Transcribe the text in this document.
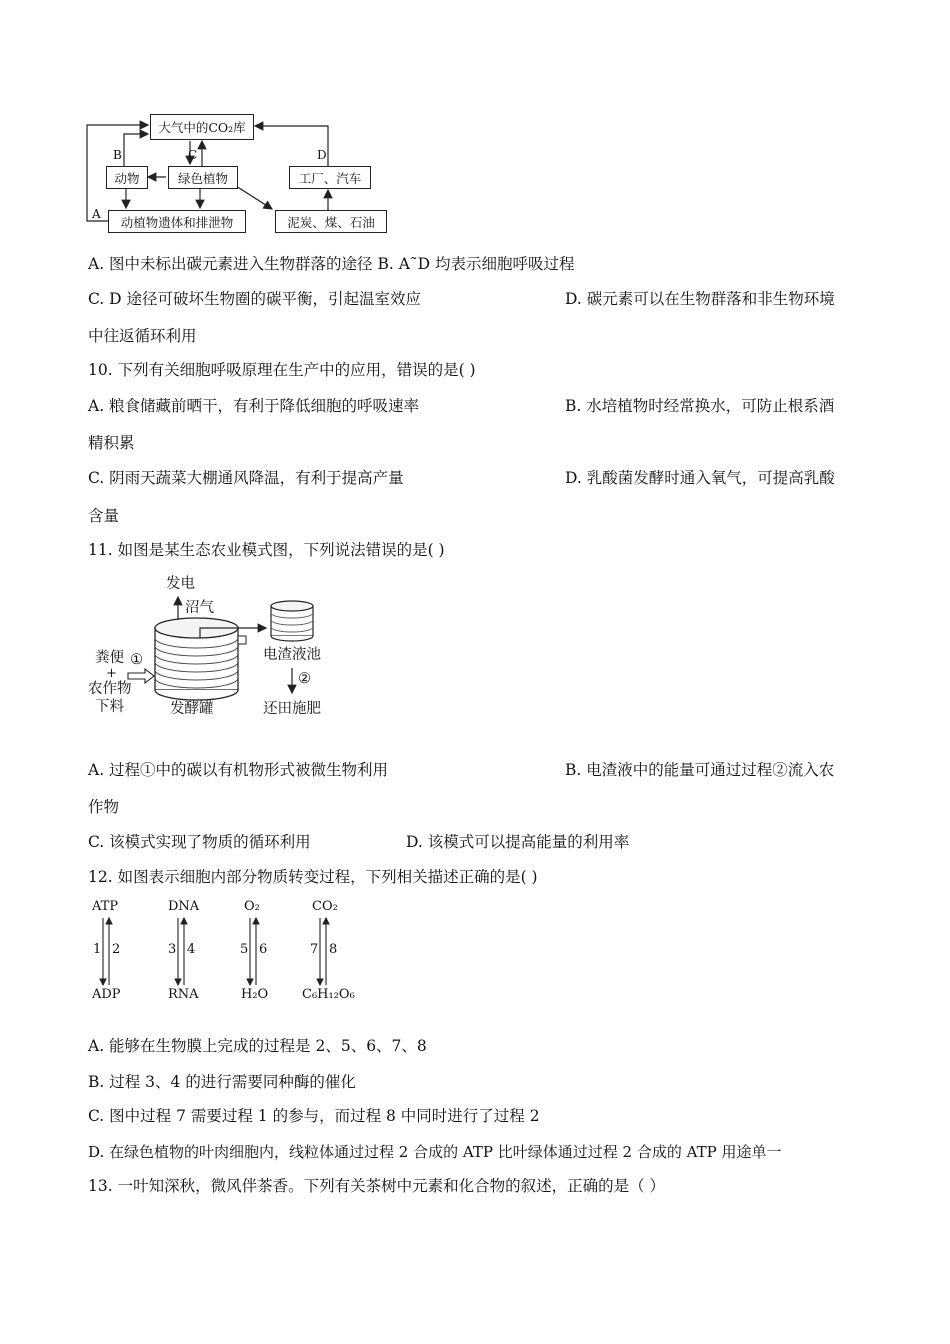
大气中的CO₂库
动物	绿色植物	工厂、汽车
动植物遗体和排泄物	泥炭、煤、石油
A
B	C	D
A. 图中未标出碳元素进入生物群落的途径 B. A˜D 均表示细胞呼吸过程
C. D 途径可破坏生物圈的碳平衡，引起温室效应	D. 碳元素可以在生物群落和非生物环境
中往返循环利用
10. 下列有关细胞呼吸原理在生产中的应用，错误的是( )
A. 粮食储藏前晒干，有利于降低细胞的呼吸速率	B. 水培植物时经常换水，可防止根系酒
精积累
C. 阴雨天蔬菜大棚通风降温，有利于提高产量	D. 乳酸菌发酵时通入氧气，可提高乳酸
含量
11. 如图是某生态农业模式图，下列说法错误的是( )
发电
沼气
电渣液池
②
还田施肥
粪便 ①
+
农作物
下料	发酵罐
A. 过程①中的碳以有机物形式被微生物利用	B. 电渣液中的能量可通过过程②流入农
作物
C. 该模式实现了物质的循环利用	D. 该模式可以提高能量的利用率
12. 如图表示细胞内部分物质转变过程，下列相关描述正确的是( )
ATP
ADP
1 2
DNA
RNA
3 4
O₂
H₂O
5 6
CO₂
C₆H₁₂O₆
7 8
A. 能够在生物膜上完成的过程是 2、5、6、7、8
B. 过程 3、4 的进行需要同种酶的催化
C. 图中过程 7 需要过程 1 的参与，而过程 8 中同时进行了过程 2
D. 在绿色植物的叶肉细胞内，线粒体通过过程 2 合成的 ATP 比叶绿体通过过程 2 合成的 ATP 用途单一
13. 一叶知深秋，微风伴茶香。下列有关茶树中元素和化合物的叙述，正确的是（ ）
